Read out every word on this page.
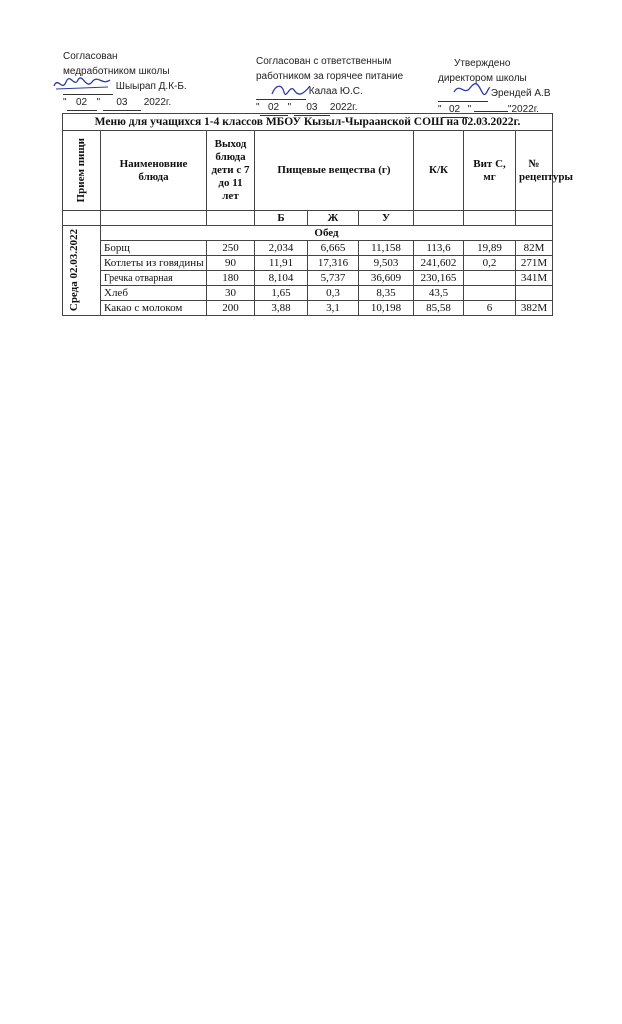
Согласован
медработником школы
Шыырап Д.К-Б.
" 02 " 03 2022г.
Согласован с ответственным
работником за горячее питание
Калаа Ю.С.
" 02 " 03 2022г.
Утверждено
директором школы
Эрендей А.В
" 02 "	"2022г.
Меню для учащихся 1-4 классов МБОУ Кызыл-Чыраанской СОШ на 02.03.2022г.								

Прием пищи	Наименовние блюда	Выход блюда дети с 7 до 11 лет	Пищевые вещества (г)			К/К	Вит С, мг	№ рецептуры
			Б	Ж	У			

Среда 02.03.2022	Обед							
	Борщ	250	2,034	6,665	11,158	113,6	19,89	82М
	Котлеты из говядины	90	11,91	17,316	9,503	241,602	0,2	271М
	Гречка отварная	180	8,104	5,737	36,609	230,165		341М
	Хлеб	30	1,65	0,3	8,35	43,5		
	Какао с молоком	200	3,88	3,1	10,198	85,58	6	382М
